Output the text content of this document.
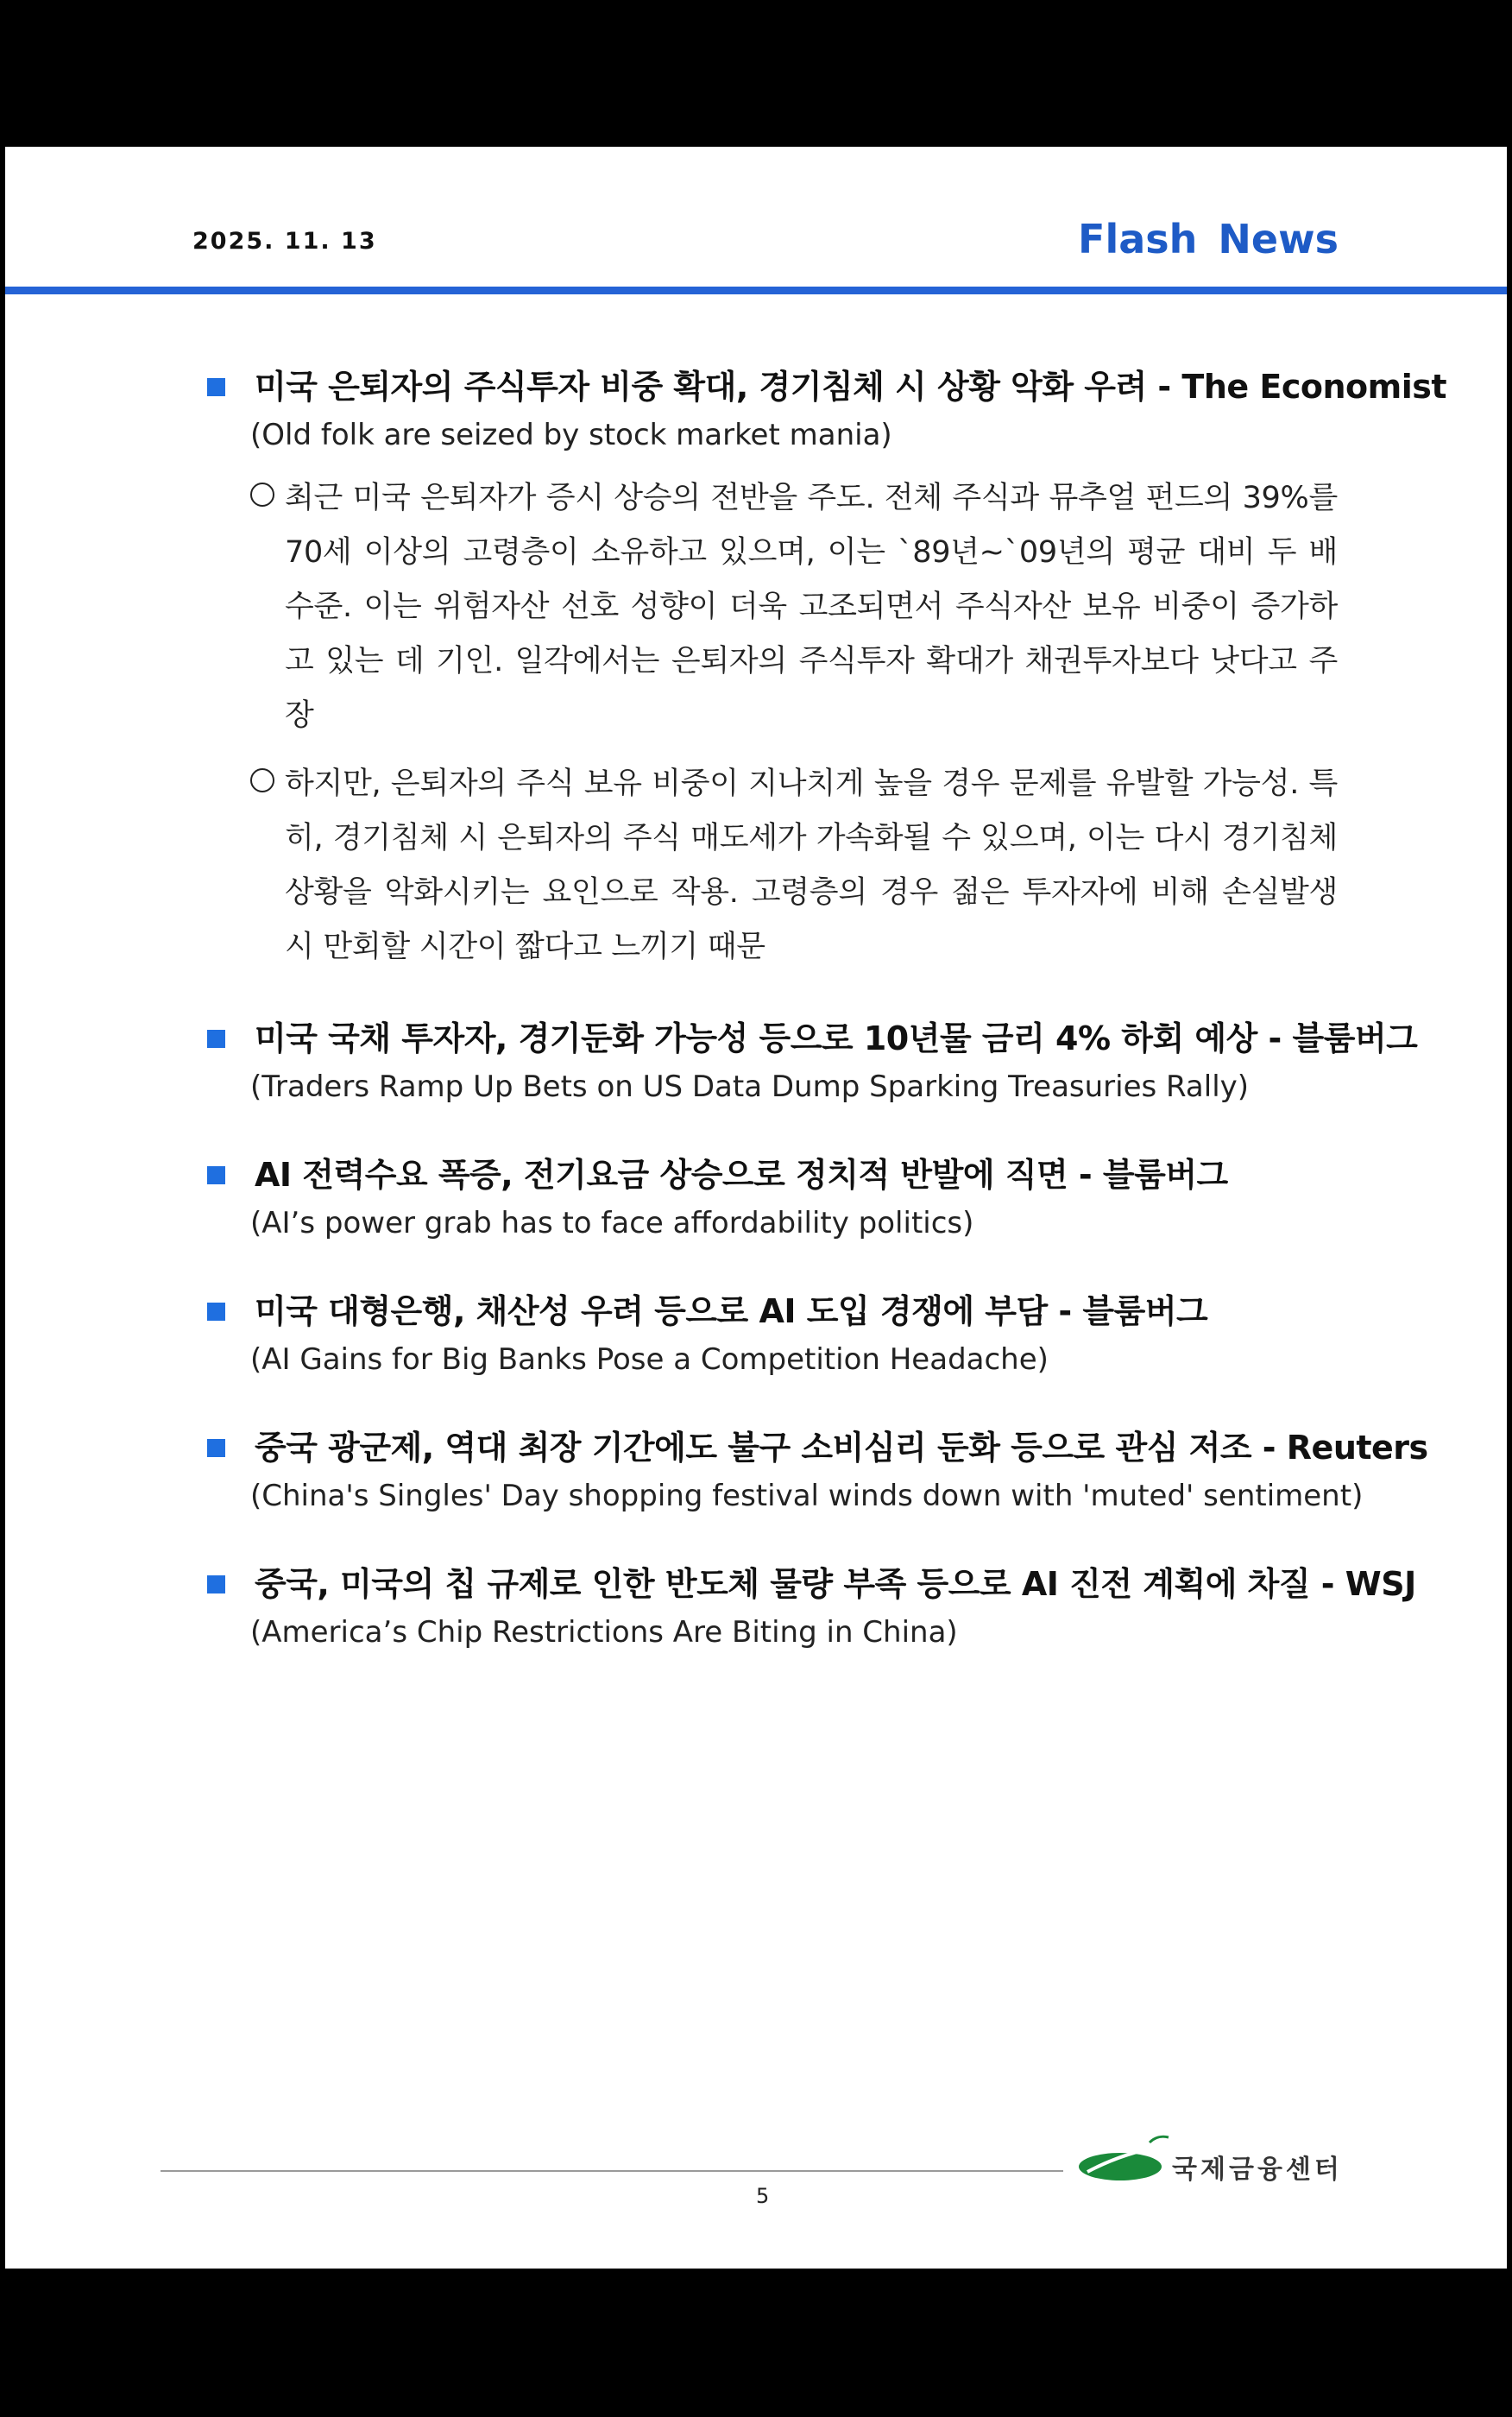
2025. 11. 13	Flash News
미국 은퇴자의 주식투자 비중 확대, 경기침체 시 상황 악화 우려 - The Economist
(Old folk are seized by stock market mania)
최근 미국 은퇴자가 증시 상승의 전반을 주도. 전체 주식과 뮤추얼 펀드의 39%를 70세 이상의 고령층이 소유하고 있으며, 이는 `89년~`09년의 평균 대비 두 배 수준. 이는 위험자산 선호 성향이 더욱 고조되면서 주식자산 보유 비중이 증가하고 있는 데 기인. 일각에서는 은퇴자의 주식투자 확대가 채권투자보다 낫다고 주장
하지만, 은퇴자의 주식 보유 비중이 지나치게 높을 경우 문제를 유발할 가능성. 특히, 경기침체 시 은퇴자의 주식 매도세가 가속화될 수 있으며, 이는 다시 경기침체 상황을 악화시키는 요인으로 작용. 고령층의 경우 젊은 투자자에 비해 손실발생 시 만회할 시간이 짧다고 느끼기 때문
미국 국채 투자자, 경기둔화 가능성 등으로 10년물 금리 4% 하회 예상 - 블룸버그
(Traders Ramp Up Bets on US Data Dump Sparking Treasuries Rally)
AI 전력수요 폭증, 전기요금 상승으로 정치적 반발에 직면 - 블룸버그
(AI’s power grab has to face affordability politics)
미국 대형은행, 채산성 우려 등으로 AI 도입 경쟁에 부담 - 블룸버그
(AI Gains for Big Banks Pose a Competition Headache)
중국 광군제, 역대 최장 기간에도 불구 소비심리 둔화 등으로 관심 저조 - Reuters
(China's Singles' Day shopping festival winds down with 'muted' sentiment)
중국, 미국의 칩 규제로 인한 반도체 물량 부족 등으로 AI 진전 계획에 차질 - WSJ
(America’s Chip Restrictions Are Biting in China)
국제금융센터
5
